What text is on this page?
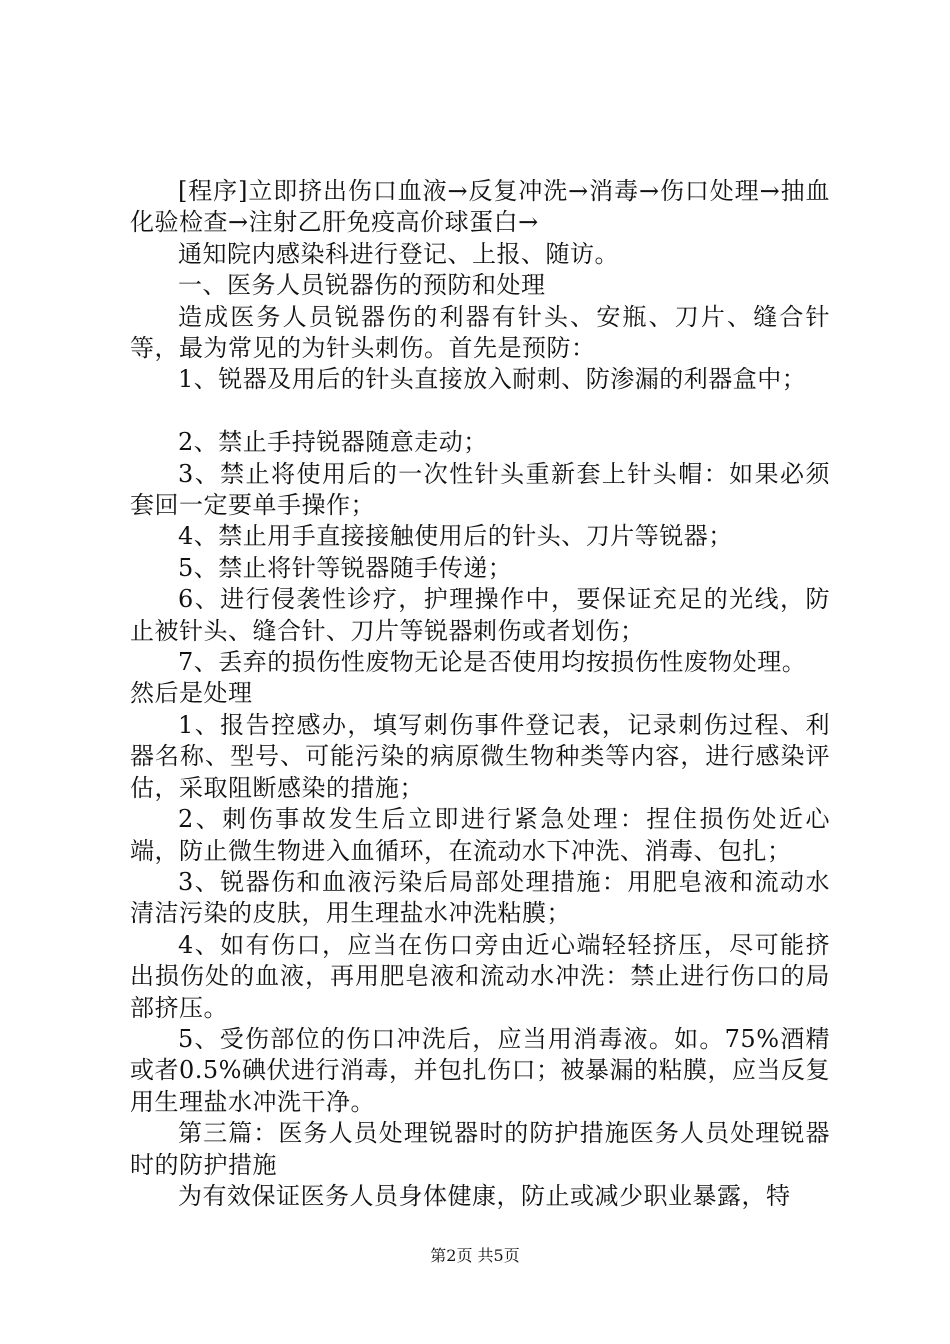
[程序]立即挤出伤口血液→反复冲洗→消毒→伤口处理→抽血化验检查→注射乙肝免疫高价球蛋白→

通知院内感染科进行登记、上报、随访。

一、医务人员锐器伤的预防和处理

造成医务人员锐器伤的利器有针头、安瓶、刀片、缝合针等，最为常见的为针头刺伤。首先是预防：

1、锐器及用后的针头直接放入耐刺、防渗漏的利器盒中；

2、禁止手持锐器随意走动；

3、禁止将使用后的一次性针头重新套上针头帽：如果必须套回一定要单手操作；

4、禁止用手直接接触使用后的针头、刀片等锐器；

5、禁止将针等锐器随手传递；

6、进行侵袭性诊疗，护理操作中，要保证充足的光线，防止被针头、缝合针、刀片等锐器刺伤或者划伤；

7、丢弃的损伤性废物无论是否使用均按损伤性废物处理。

然后是处理

1、报告控感办，填写刺伤事件登记表，记录刺伤过程、利器名称、型号、可能污染的病原微生物种类等内容，进行感染评估，采取阻断感染的措施；

2、刺伤事故发生后立即进行紧急处理：捏住损伤处近心端，防止微生物进入血循环，在流动水下冲洗、消毒、包扎；

3、锐器伤和血液污染后局部处理措施：用肥皂液和流动水清洁污染的皮肤，用生理盐水冲洗粘膜；

4、如有伤口，应当在伤口旁由近心端轻轻挤压，尽可能挤出损伤处的血液，再用肥皂液和流动水冲洗：禁止进行伤口的局部挤压。

5、受伤部位的伤口冲洗后，应当用消毒液。如。75%酒精或者0.5%碘伏进行消毒，并包扎伤口；被暴漏的粘膜，应当反复用生理盐水冲洗干净。

第三篇：医务人员处理锐器时的防护措施医务人员处理锐器时的防护措施

为有效保证医务人员身体健康，防止或减少职业暴露，特

第2页 共5页
